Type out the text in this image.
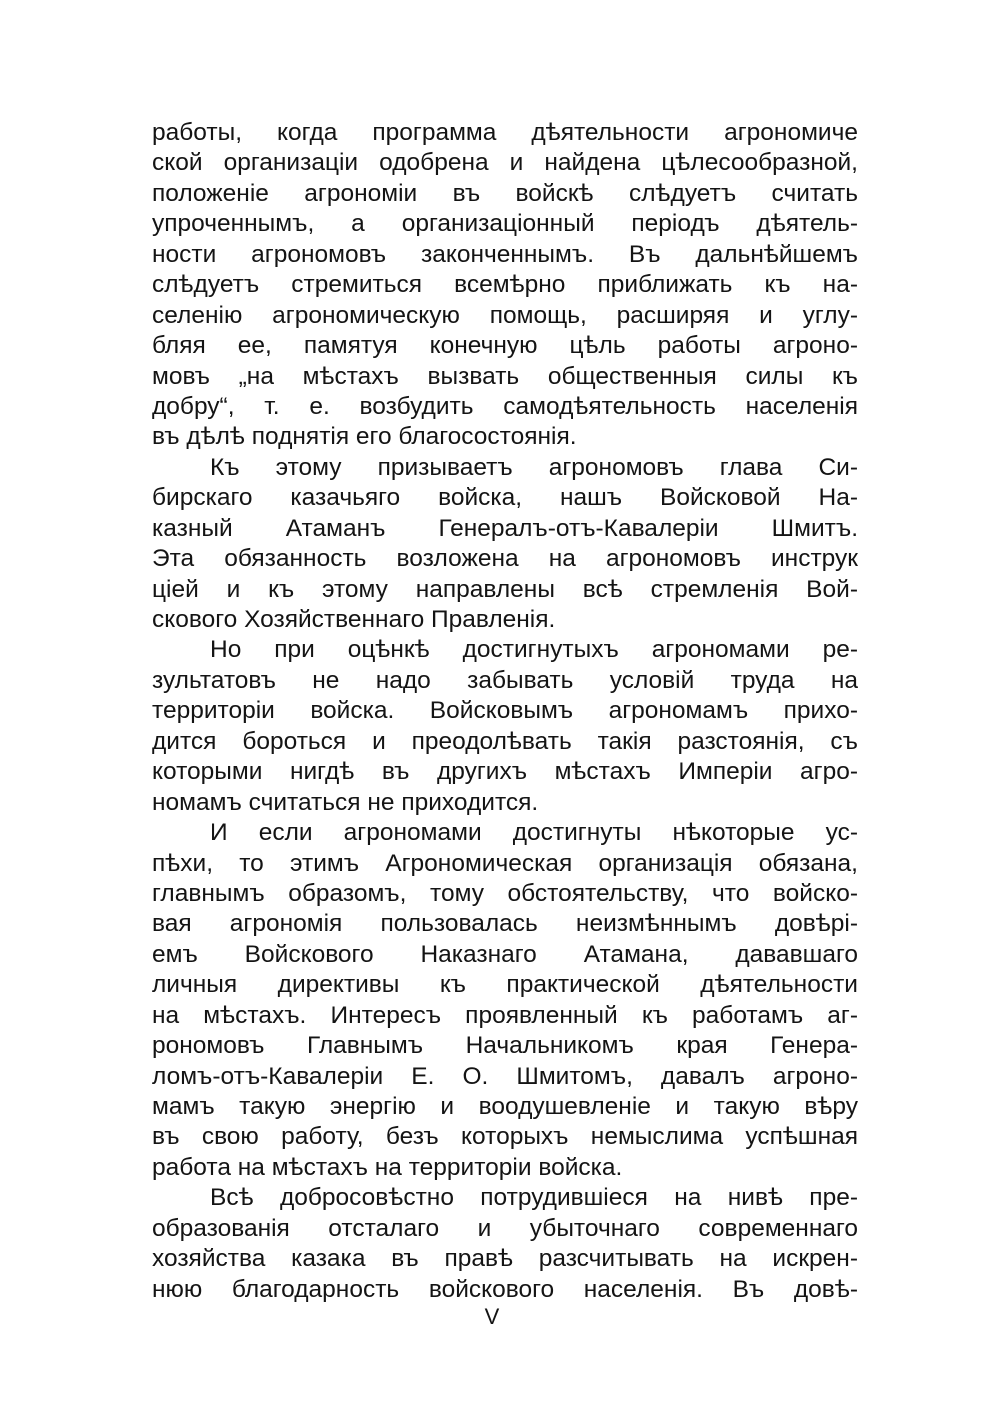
работы, когда программа дѣятельности агрономиче
ской организаціи одобрена и найдена цѣлесообразной,
положеніе агрономіи въ войскѣ слѣдуетъ считать
упроченнымъ, а организаціонный періодъ дѣятель-
ности агрономовъ законченнымъ. Въ дальнѣйшемъ
слѣдуетъ стремиться всемѣрно приближать къ на-
селенію агрономическую помощь, расширяя и углу-
бляя ее, памятуя конечную цѣль работы агроно-
мовъ „на мѣстахъ вызвать общественныя силы къ
добру“, т. е. возбудить самодѣятельность населенія
въ дѣлѣ поднятія его благосостоянія.
Къ этому призываетъ агрономовъ глава Си-
бирскаго казачьяго войска, нашъ Войсковой На-
казный Атаманъ Генералъ-отъ-Кавалеріи Шмитъ.
Эта обязанность возложена на агрономовъ инструк
ціей и къ этому направлены всѣ стремленія Вой-
скового Хозяйственнаго Правленія.
Но при оцѣнкѣ достигнутыхъ агрономами ре-
зультатовъ не надо забывать условій труда на
территоріи войска. Войсковымъ агрономамъ прихо-
дится бороться и преодолѣвать такія разстоянія, съ
которыми нигдѣ въ другихъ мѣстахъ Имперіи агро-
номамъ считаться не приходится.
И если агрономами достигнуты нѣкоторые ус-
пѣхи, то этимъ Агрономическая организація обязана,
главнымъ образомъ, тому обстоятельству, что войско-
вая агрономія пользовалась неизмѣннымъ довѣрі-
емъ Войскового Наказнаго Атамана, дававшаго
личныя директивы къ практической дѣятельности
на мѣстахъ. Интересъ проявленный къ работамъ аг-
рономовъ Главнымъ Начальникомъ края Генера-
ломъ-отъ-Кавалеріи Е. О. Шмитомъ, давалъ агроно-
мамъ такую энергію и воодушевленіе и такую вѣру
въ свою работу, безъ которыхъ немыслима успѣшная
работа на мѣстахъ на территоріи войска.
Всѣ добросовѣстно потрудившіеся на нивѣ пре-
образованія отсталаго и убыточнаго современнаго
хозяйства казака въ правѣ разсчитывать на искрен-
нюю благодарность войскового населенія. Въ довѣ-
V
